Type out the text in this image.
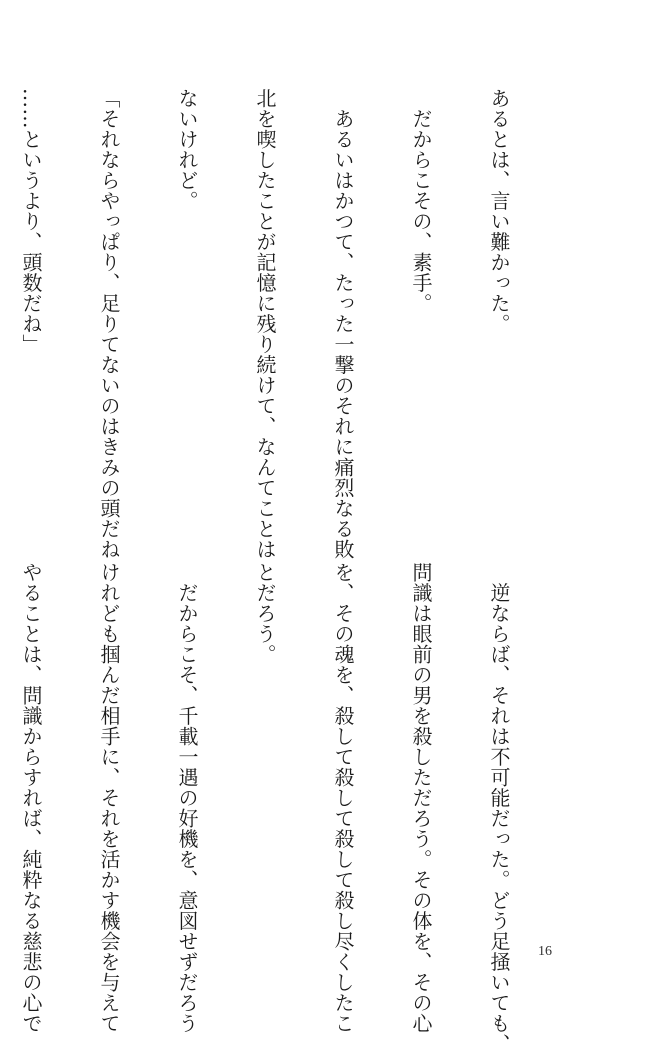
あるとは、言い難かった。

　だからこその、素手。

　あるいはかつて、たった一撃のそれに痛烈なる敗

北を喫したことが記憶に残り続けて、なんてことは

ないけれど。

「それならやっぱり、足りてないのはきみの頭だね

……というより、頭数だね」

　逆ならば、それは不可能だった。どう足掻いても、

問識は眼前の男を殺しただろう。その体を、その心

を、その魂を、殺して殺して殺して殺し尽くしたこ

とだろう。

　だからこそ、千載一遇の好機を、意図せずだろう

けれども掴んだ相手に、それを活かす機会を与えて

やることは、問識からすれば、純粋なる慈悲の心で

	16
